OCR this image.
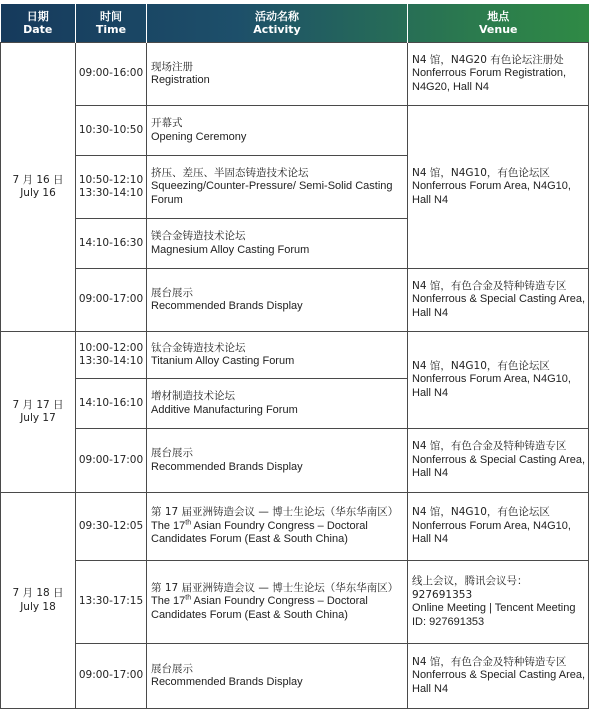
日期
Date	时间
Time	活动名称
Activity	地点
Venue

7 月 16 日
July 16	09:00-16:00	现场注册
Registration	N4 馆，N4G20 有色论坛注册处
Nonferrous Forum Registration, N4G20, Hall N4

	10:30-10:50	开幕式
Opening Ceremony	N4 馆，N4G10，有色论坛区
Nonferrous Forum Area, N4G10, Hall N4

	10:50-12:10
13:30-14:10	挤压、差压、半固态铸造技术论坛
Squeezing/Counter-Pressure/ Semi-Solid Casting Forum	

	14:10-16:30	镁合金铸造技术论坛
Magnesium Alloy Casting Forum	

	09:00-17:00	展台展示
Recommended Brands Display	N4 馆，有色合金及特种铸造专区
Nonferrous & Special Casting Area, Hall N4

7 月 17 日
July 17	10:00-12:00
13:30-14:10	钛合金铸造技术论坛
Titanium Alloy Casting Forum	N4 馆，N4G10，有色论坛区
Nonferrous Forum Area, N4G10, Hall N4

	14:10-16:10	增材制造技术论坛
Additive Manufacturing Forum	

	09:00-17:00	展台展示
Recommended Brands Display	N4 馆，有色合金及特种铸造专区
Nonferrous & Special Casting Area, Hall N4

7 月 18 日
July 18	09:30-12:05	第 17 届亚洲铸造会议 — 博士生论坛（华东华南区）
The 17th Asian Foundry Congress – Doctoral Candidates Forum (East & South China)	N4 馆，N4G10，有色论坛区
Nonferrous Forum Area, N4G10, Hall N4

	13:30-17:15	第 17 届亚洲铸造会议 — 博士生论坛（华东华南区）
The 17th Asian Foundry Congress – Doctoral Candidates Forum (East & South China)	线上会议，腾讯会议号：927691353
Online Meeting | Tencent Meeting ID: 927691353

	09:00-17:00	展台展示
Recommended Brands Display	N4 馆，有色合金及特种铸造专区
Nonferrous & Special Casting Area, Hall N4
